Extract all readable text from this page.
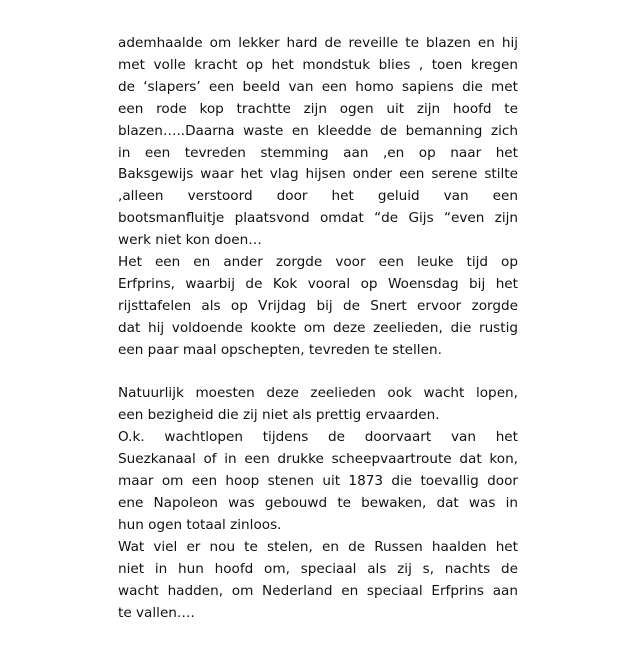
ademhaalde om lekker hard de reveille te blazen en hij
met volle kracht op het mondstuk blies , toen kregen
de ‘slapers’ een beeld van een homo sapiens die met
een rode kop trachtte zijn ogen uit zijn hoofd te
blazen…..Daarna waste en kleedde de bemanning zich
in een tevreden stemming aan ,en op naar het
Baksgewijs waar het vlag hijsen onder een serene stilte
,alleen verstoord door het geluid van een
bootsmanfluitje plaatsvond omdat “de Gijs “even zijn
werk niet kon doen…
Het een en ander zorgde voor een leuke tijd op
Erfprins, waarbij de Kok vooral op Woensdag bij het
rijsttafelen als op Vrijdag bij de Snert ervoor zorgde
dat hij voldoende kookte om deze zeelieden, die rustig
een paar maal opschepten, tevreden te stellen.
Natuurlijk moesten deze zeelieden ook wacht lopen,
een bezigheid die zij niet als prettig ervaarden.
O.k. wachtlopen tijdens de doorvaart van het
Suezkanaal of in een drukke scheepvaartroute dat kon,
maar om een hoop stenen uit 1873 die toevallig door
ene Napoleon was gebouwd te bewaken, dat was in
hun ogen totaal zinloos.
Wat viel er nou te stelen, en de Russen haalden het
niet in hun hoofd om, speciaal als zij s, nachts de
wacht hadden, om Nederland en speciaal Erfprins aan
te vallen….
